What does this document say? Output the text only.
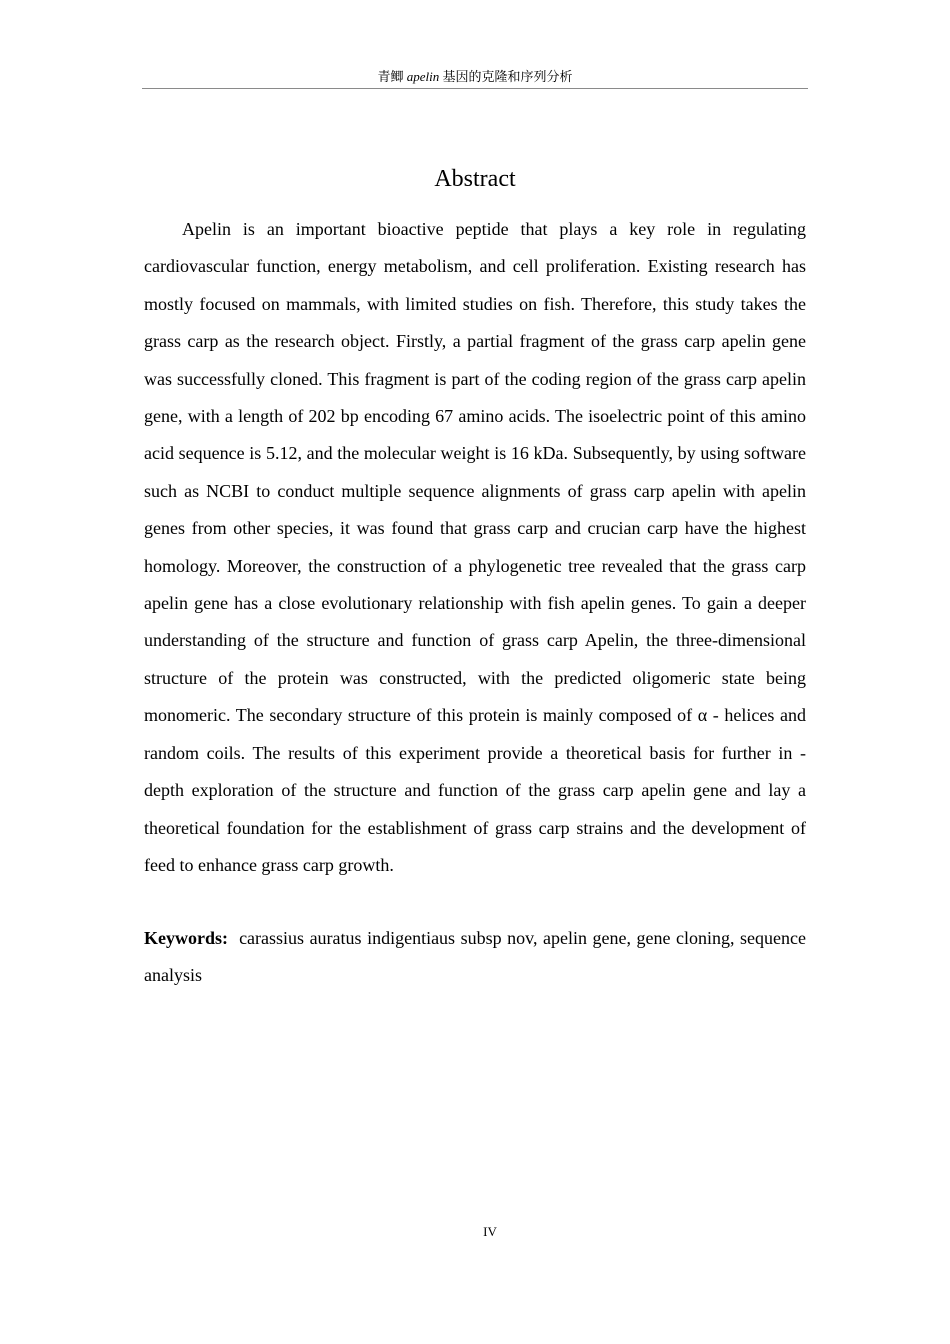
青鲫 apelin 基因的克隆和序列分析
Abstract

Apelin is an important bioactive peptide that plays a key role in regulating cardiovascular function, energy metabolism, and cell proliferation. Existing research has mostly focused on mammals, with limited studies on fish. Therefore, this study takes the grass carp as the research object. Firstly, a partial fragment of the grass carp apelin gene was successfully cloned. This fragment is part of the coding region of the grass carp apelin gene, with a length of 202 bp encoding 67 amino acids. The isoelectric point of this amino acid sequence is 5.12, and the molecular weight is 16 kDa. Subsequently, by using software such as NCBI to conduct multiple sequence alignments of grass carp apelin with apelin genes from other species, it was found that grass carp and crucian carp have the highest homology. Moreover, the construction of a phylogenetic tree revealed that the grass carp apelin gene has a close evolutionary relationship with fish apelin genes. To gain a deeper understanding of the structure and function of grass carp Apelin, the three-dimensional structure of the protein was constructed, with the predicted oligomeric state being monomeric. The secondary structure of this protein is mainly composed of α - helices and random coils. The results of this experiment provide a theoretical basis for further in - depth exploration of the structure and function of the grass carp apelin gene and lay a theoretical foundation for the establishment of grass carp strains and the development of feed to enhance grass carp growth.

Keywords: carassius auratus indigentiaus subsp nov, apelin gene, gene cloning, sequence analysis

IV
